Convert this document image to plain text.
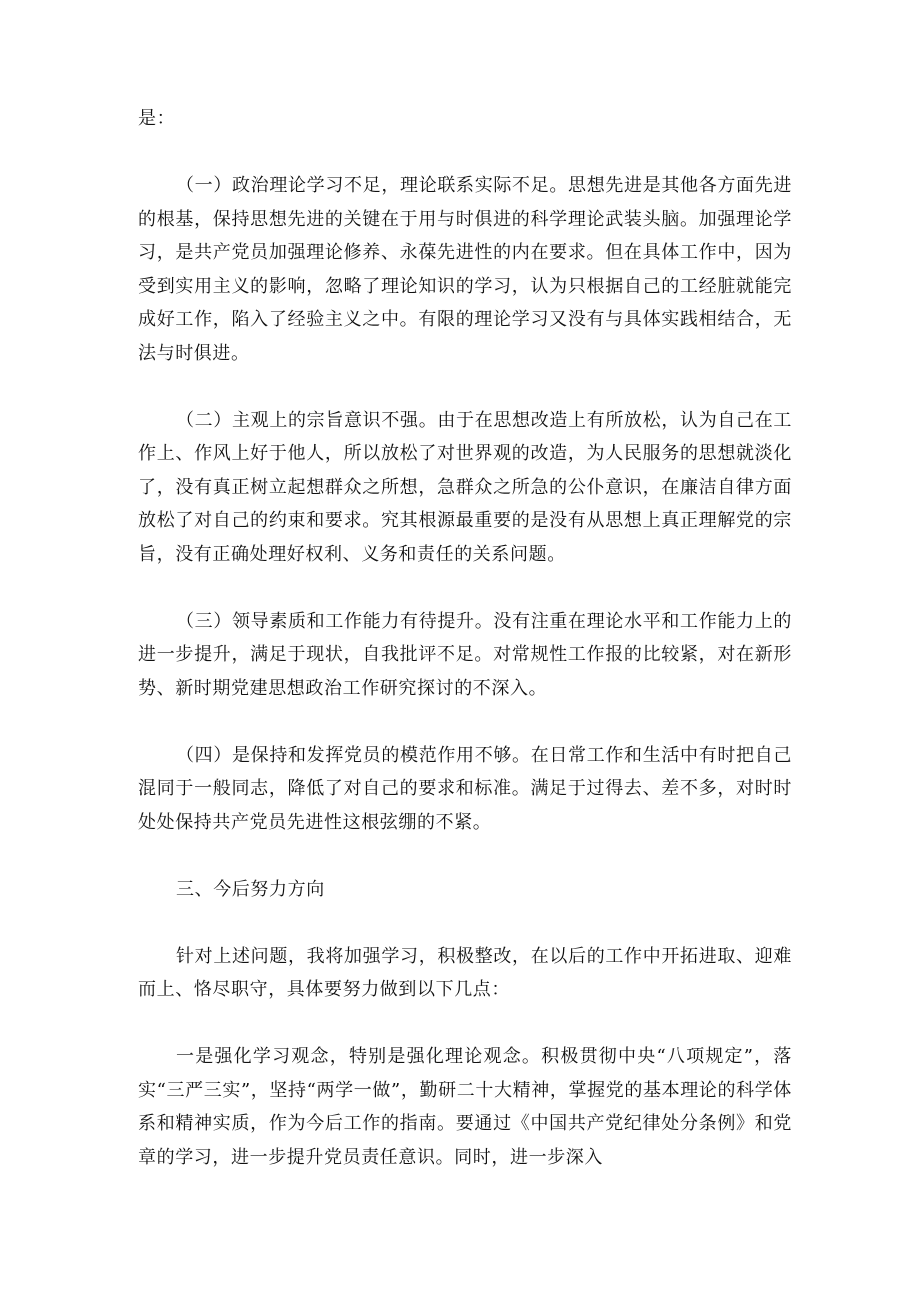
是：

（一）政治理论学习不足，理论联系实际不足。思想先进是其他各方面先进的根基，保持思想先进的关键在于用与时俱进的科学理论武装头脑。加强理论学习，是共产党员加强理论修养、永葆先进性的内在要求。但在具体工作中，因为受到实用主义的影响，忽略了理论知识的学习，认为只根据自己的工经脏就能完成好工作，陷入了经验主义之中。有限的理论学习又没有与具体实践相结合，无法与时俱进。

（二）主观上的宗旨意识不强。由于在思想改造上有所放松，认为自己在工作上、作风上好于他人，所以放松了对世界观的改造，为人民服务的思想就淡化了，没有真正树立起想群众之所想，急群众之所急的公仆意识，在廉洁自律方面放松了对自己的约束和要求。究其根源最重要的是没有从思想上真正理解党的宗旨，没有正确处理好权利、义务和责任的关系问题。

（三）领导素质和工作能力有待提升。没有注重在理论水平和工作能力上的进一步提升，满足于现状，自我批评不足。对常规性工作报的比较紧，对在新形势、新时期党建思想政治工作研究探讨的不深入。

（四）是保持和发挥党员的模范作用不够。在日常工作和生活中有时把自己混同于一般同志，降低了对自己的要求和标准。满足于过得去、差不多，对时时处处保持共产党员先进性这根弦绷的不紧。

三、今后努力方向

针对上述问题，我将加强学习，积极整改，在以后的工作中开拓进取、迎难而上、恪尽职守，具体要努力做到以下几点：

一是强化学习观念，特别是强化理论观念。积极贯彻中央“八项规定”，落实“三严三实”，坚持“两学一做”，勤研二十大精神，掌握党的基本理论的科学体系和精神实质，作为今后工作的指南。要通过《中国共产党纪律处分条例》和党章的学习，进一步提升党员责任意识。同时，进一步深入
